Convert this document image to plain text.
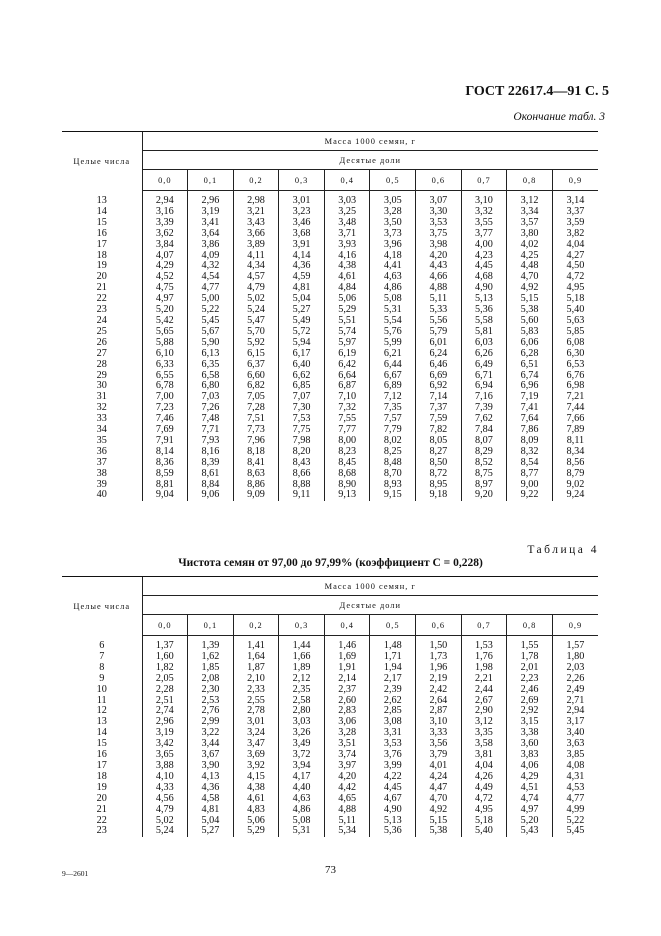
ГОСТ 22617.4—91 С. 5
Окончание табл. 3
Целые числа	Масса 1000 семян, г									
	Десятые доли									
	0,0	0,1	0,2	0,3	0,4	0,5	0,6	0,7	0,8	0,9
13	2,94	2,96	2,98	3,01	3,03	3,05	3,07	3,10	3,12	3,14
14	3,16	3,19	3,21	3,23	3,25	3,28	3,30	3,32	3,34	3,37
15	3,39	3,41	3,43	3,46	3,48	3,50	3,53	3,55	3,57	3,59
16	3,62	3,64	3,66	3,68	3,71	3,73	3,75	3,77	3,80	3,82
17	3,84	3,86	3,89	3,91	3,93	3,96	3,98	4,00	4,02	4,04
18	4,07	4,09	4,11	4,14	4,16	4,18	4,20	4,23	4,25	4,27
19	4,29	4,32	4,34	4,36	4,38	4,41	4,43	4,45	4,48	4,50
20	4,52	4,54	4,57	4,59	4,61	4,63	4,66	4,68	4,70	4,72
21	4,75	4,77	4,79	4,81	4,84	4,86	4,88	4,90	4,92	4,95
22	4,97	5,00	5,02	5,04	5,06	5,08	5,11	5,13	5,15	5,18
23	5,20	5,22	5,24	5,27	5,29	5,31	5,33	5,36	5,38	5,40
24	5,42	5,45	5,47	5,49	5,51	5,54	5,56	5,58	5,60	5,63
25	5,65	5,67	5,70	5,72	5,74	5,76	5,79	5,81	5,83	5,85
26	5,88	5,90	5,92	5,94	5,97	5,99	6,01	6,03	6,06	6,08
27	6,10	6,13	6,15	6,17	6,19	6,21	6,24	6,26	6,28	6,30
28	6,33	6,35	6,37	6,40	6,42	6,44	6,46	6,49	6,51	6,53
29	6,55	6,58	6,60	6,62	6,64	6,67	6,69	6,71	6,74	6,76
30	6,78	6,80	6,82	6,85	6,87	6,89	6,92	6,94	6,96	6,98
31	7,00	7,03	7,05	7,07	7,10	7,12	7,14	7,16	7,19	7,21
32	7,23	7,26	7,28	7,30	7,32	7,35	7,37	7,39	7,41	7,44
33	7,46	7,48	7,51	7,53	7,55	7,57	7,59	7,62	7,64	7,66
34	7,69	7,71	7,73	7,75	7,77	7,79	7,82	7,84	7,86	7,89
35	7,91	7,93	7,96	7,98	8,00	8,02	8,05	8,07	8,09	8,11
36	8,14	8,16	8,18	8,20	8,23	8,25	8,27	8,29	8,32	8,34
37	8,36	8,39	8,41	8,43	8,45	8,48	8,50	8,52	8,54	8,56
38	8,59	8,61	8,63	8,66	8,68	8,70	8,72	8,75	8,77	8,79
39	8,81	8,84	8,86	8,88	8,90	8,93	8,95	8,97	9,00	9,02
40	9,04	9,06	9,09	9,11	9,13	9,15	9,18	9,20	9,22	9,24
Таблица 4
Чистота семян от 97,00 до 97,99% (коэффициент C = 0,228)
Целые числа	Масса 1000 семян, г									
	Десятые доли									
	0,0	0,1	0,2	0,3	0,4	0,5	0,6	0,7	0,8	0,9
6	1,37	1,39	1,41	1,44	1,46	1,48	1,50	1,53	1,55	1,57
7	1,60	1,62	1,64	1,66	1,69	1,71	1,73	1,76	1,78	1,80
8	1,82	1,85	1,87	1,89	1,91	1,94	1,96	1,98	2,01	2,03
9	2,05	2,08	2,10	2,12	2,14	2,17	2,19	2,21	2,23	2,26
10	2,28	2,30	2,33	2,35	2,37	2,39	2,42	2,44	2,46	2,49
11	2,51	2,53	2,55	2,58	2,60	2,62	2,64	2,67	2,69	2,71
12	2,74	2,76	2,78	2,80	2,83	2,85	2,87	2,90	2,92	2,94
13	2,96	2,99	3,01	3,03	3,06	3,08	3,10	3,12	3,15	3,17
14	3,19	3,22	3,24	3,26	3,28	3,31	3,33	3,35	3,38	3,40
15	3,42	3,44	3,47	3,49	3,51	3,53	3,56	3,58	3,60	3,63
16	3,65	3,67	3,69	3,72	3,74	3,76	3,79	3,81	3,83	3,85
17	3,88	3,90	3,92	3,94	3,97	3,99	4,01	4,04	4,06	4,08
18	4,10	4,13	4,15	4,17	4,20	4,22	4,24	4,26	4,29	4,31
19	4,33	4,36	4,38	4,40	4,42	4,45	4,47	4,49	4,51	4,53
20	4,56	4,58	4,61	4,63	4,65	4,67	4,70	4,72	4,74	4,77
21	4,79	4,81	4,83	4,86	4,88	4,90	4,92	4,95	4,97	4,99
22	5,02	5,04	5,06	5,08	5,11	5,13	5,15	5,18	5,20	5,22
23	5,24	5,27	5,29	5,31	5,34	5,36	5,38	5,40	5,43	5,45
9—2601	73
